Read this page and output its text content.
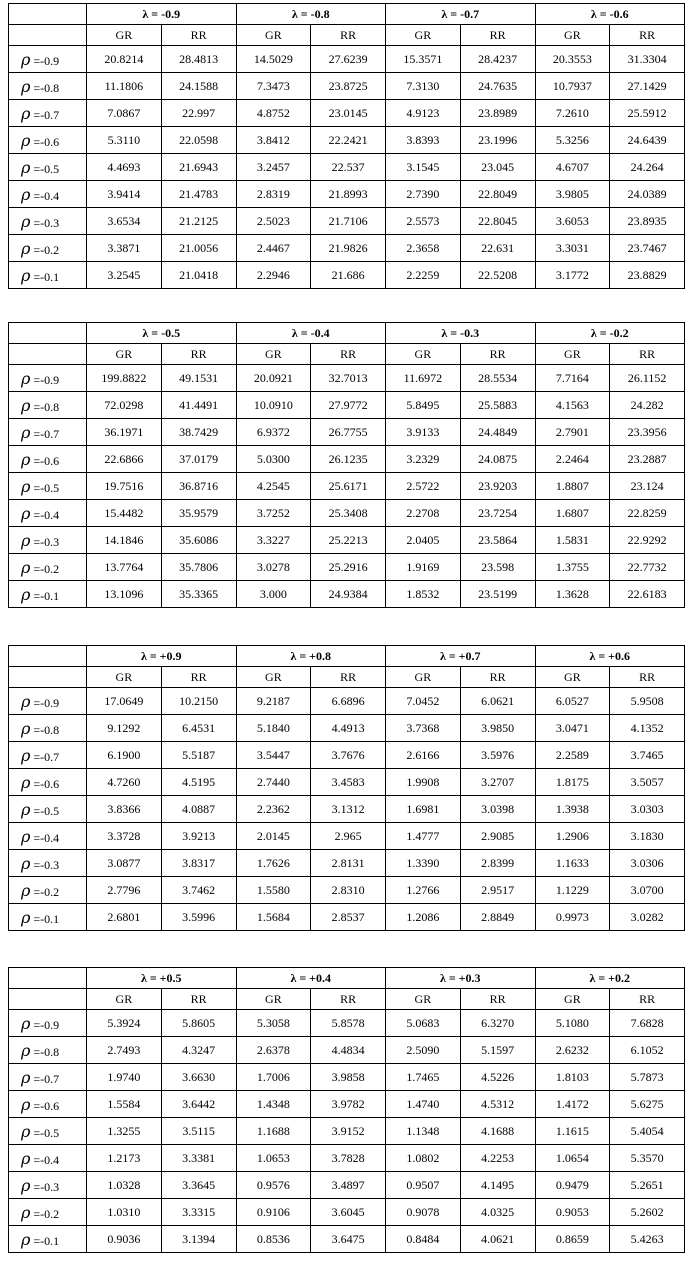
	λ = -0.9		λ = -0.8		λ = -0.7		λ = -0.6	
	GR	RR	GR	RR	GR	RR	GR	RR
ρ =-0.9	20.8214	28.4813	14.5029	27.6239	15.3571	28.4237	20.3553	31.3304
ρ =-0.8	11.1806	24.1588	7.3473	23.8725	7.3130	24.7635	10.7937	27.1429
ρ =-0.7	7.0867	22.997	4.8752	23.0145	4.9123	23.8989	7.2610	25.5912
ρ =-0.6	5.3110	22.0598	3.8412	22.2421	3.8393	23.1996	5.3256	24.6439
ρ =-0.5	4.4693	21.6943	3.2457	22.537	3.1545	23.045	4.6707	24.264
ρ =-0.4	3.9414	21.4783	2.8319	21.8993	2.7390	22.8049	3.9805	24.0389
ρ =-0.3	3.6534	21.2125	2.5023	21.7106	2.5573	22.8045	3.6053	23.8935
ρ =-0.2	3.3871	21.0056	2.4467	21.9826	2.3658	22.631	3.3031	23.7467
ρ =-0.1	3.2545	21.0418	2.2946	21.686	2.2259	22.5208	3.1772	23.8829
	λ = -0.5		λ = -0.4		λ = -0.3		λ = -0.2	
	GR	RR	GR	RR	GR	RR	GR	RR
ρ =-0.9	199.8822	49.1531	20.0921	32.7013	11.6972	28.5534	7.7164	26.1152
ρ =-0.8	72.0298	41.4491	10.0910	27.9772	5.8495	25.5883	4.1563	24.282
ρ =-0.7	36.1971	38.7429	6.9372	26.7755	3.9133	24.4849	2.7901	23.3956
ρ =-0.6	22.6866	37.0179	5.0300	26.1235	3.2329	24.0875	2.2464	23.2887
ρ =-0.5	19.7516	36.8716	4.2545	25.6171	2.5722	23.9203	1.8807	23.124
ρ =-0.4	15.4482	35.9579	3.7252	25.3408	2.2708	23.7254	1.6807	22.8259
ρ =-0.3	14.1846	35.6086	3.3227	25.2213	2.0405	23.5864	1.5831	22.9292
ρ =-0.2	13.7764	35.7806	3.0278	25.2916	1.9169	23.598	1.3755	22.7732
ρ =-0.1	13.1096	35.3365	3.000	24.9384	1.8532	23.5199	1.3628	22.6183
	λ = +0.9		λ = +0.8		λ = +0.7		λ = +0.6	
	GR	RR	GR	RR	GR	RR	GR	RR
ρ =-0.9	17.0649	10.2150	9.2187	6.6896	7.0452	6.0621	6.0527	5.9508
ρ =-0.8	9.1292	6.4531	5.1840	4.4913	3.7368	3.9850	3.0471	4.1352
ρ =-0.7	6.1900	5.5187	3.5447	3.7676	2.6166	3.5976	2.2589	3.7465
ρ =-0.6	4.7260	4.5195	2.7440	3.4583	1.9908	3.2707	1.8175	3.5057
ρ =-0.5	3.8366	4.0887	2.2362	3.1312	1.6981	3.0398	1.3938	3.0303
ρ =-0.4	3.3728	3.9213	2.0145	2.965	1.4777	2.9085	1.2906	3.1830
ρ =-0.3	3.0877	3.8317	1.7626	2.8131	1.3390	2.8399	1.1633	3.0306
ρ =-0.2	2.7796	3.7462	1.5580	2.8310	1.2766	2.9517	1.1229	3.0700
ρ =-0.1	2.6801	3.5996	1.5684	2.8537	1.2086	2.8849	0.9973	3.0282
	λ = +0.5		λ = +0.4		λ = +0.3		λ = +0.2	
	GR	RR	GR	RR	GR	RR	GR	RR
ρ =-0.9	5.3924	5.8605	5.3058	5.8578	5.0683	6.3270	5.1080	7.6828
ρ =-0.8	2.7493	4.3247	2.6378	4.4834	2.5090	5.1597	2.6232	6.1052
ρ =-0.7	1.9740	3.6630	1.7006	3.9858	1.7465	4.5226	1.8103	5.7873
ρ =-0.6	1.5584	3.6442	1.4348	3.9782	1.4740	4.5312	1.4172	5.6275
ρ =-0.5	1.3255	3.5115	1.1688	3.9152	1.1348	4.1688	1.1615	5.4054
ρ =-0.4	1.2173	3.3381	1.0653	3.7828	1.0802	4.2253	1.0654	5.3570
ρ =-0.3	1.0328	3.3645	0.9576	3.4897	0.9507	4.1495	0.9479	5.2651
ρ =-0.2	1.0310	3.3315	0.9106	3.6045	0.9078	4.0325	0.9053	5.2602
ρ =-0.1	0.9036	3.1394	0.8536	3.6475	0.8484	4.0621	0.8659	5.4263
